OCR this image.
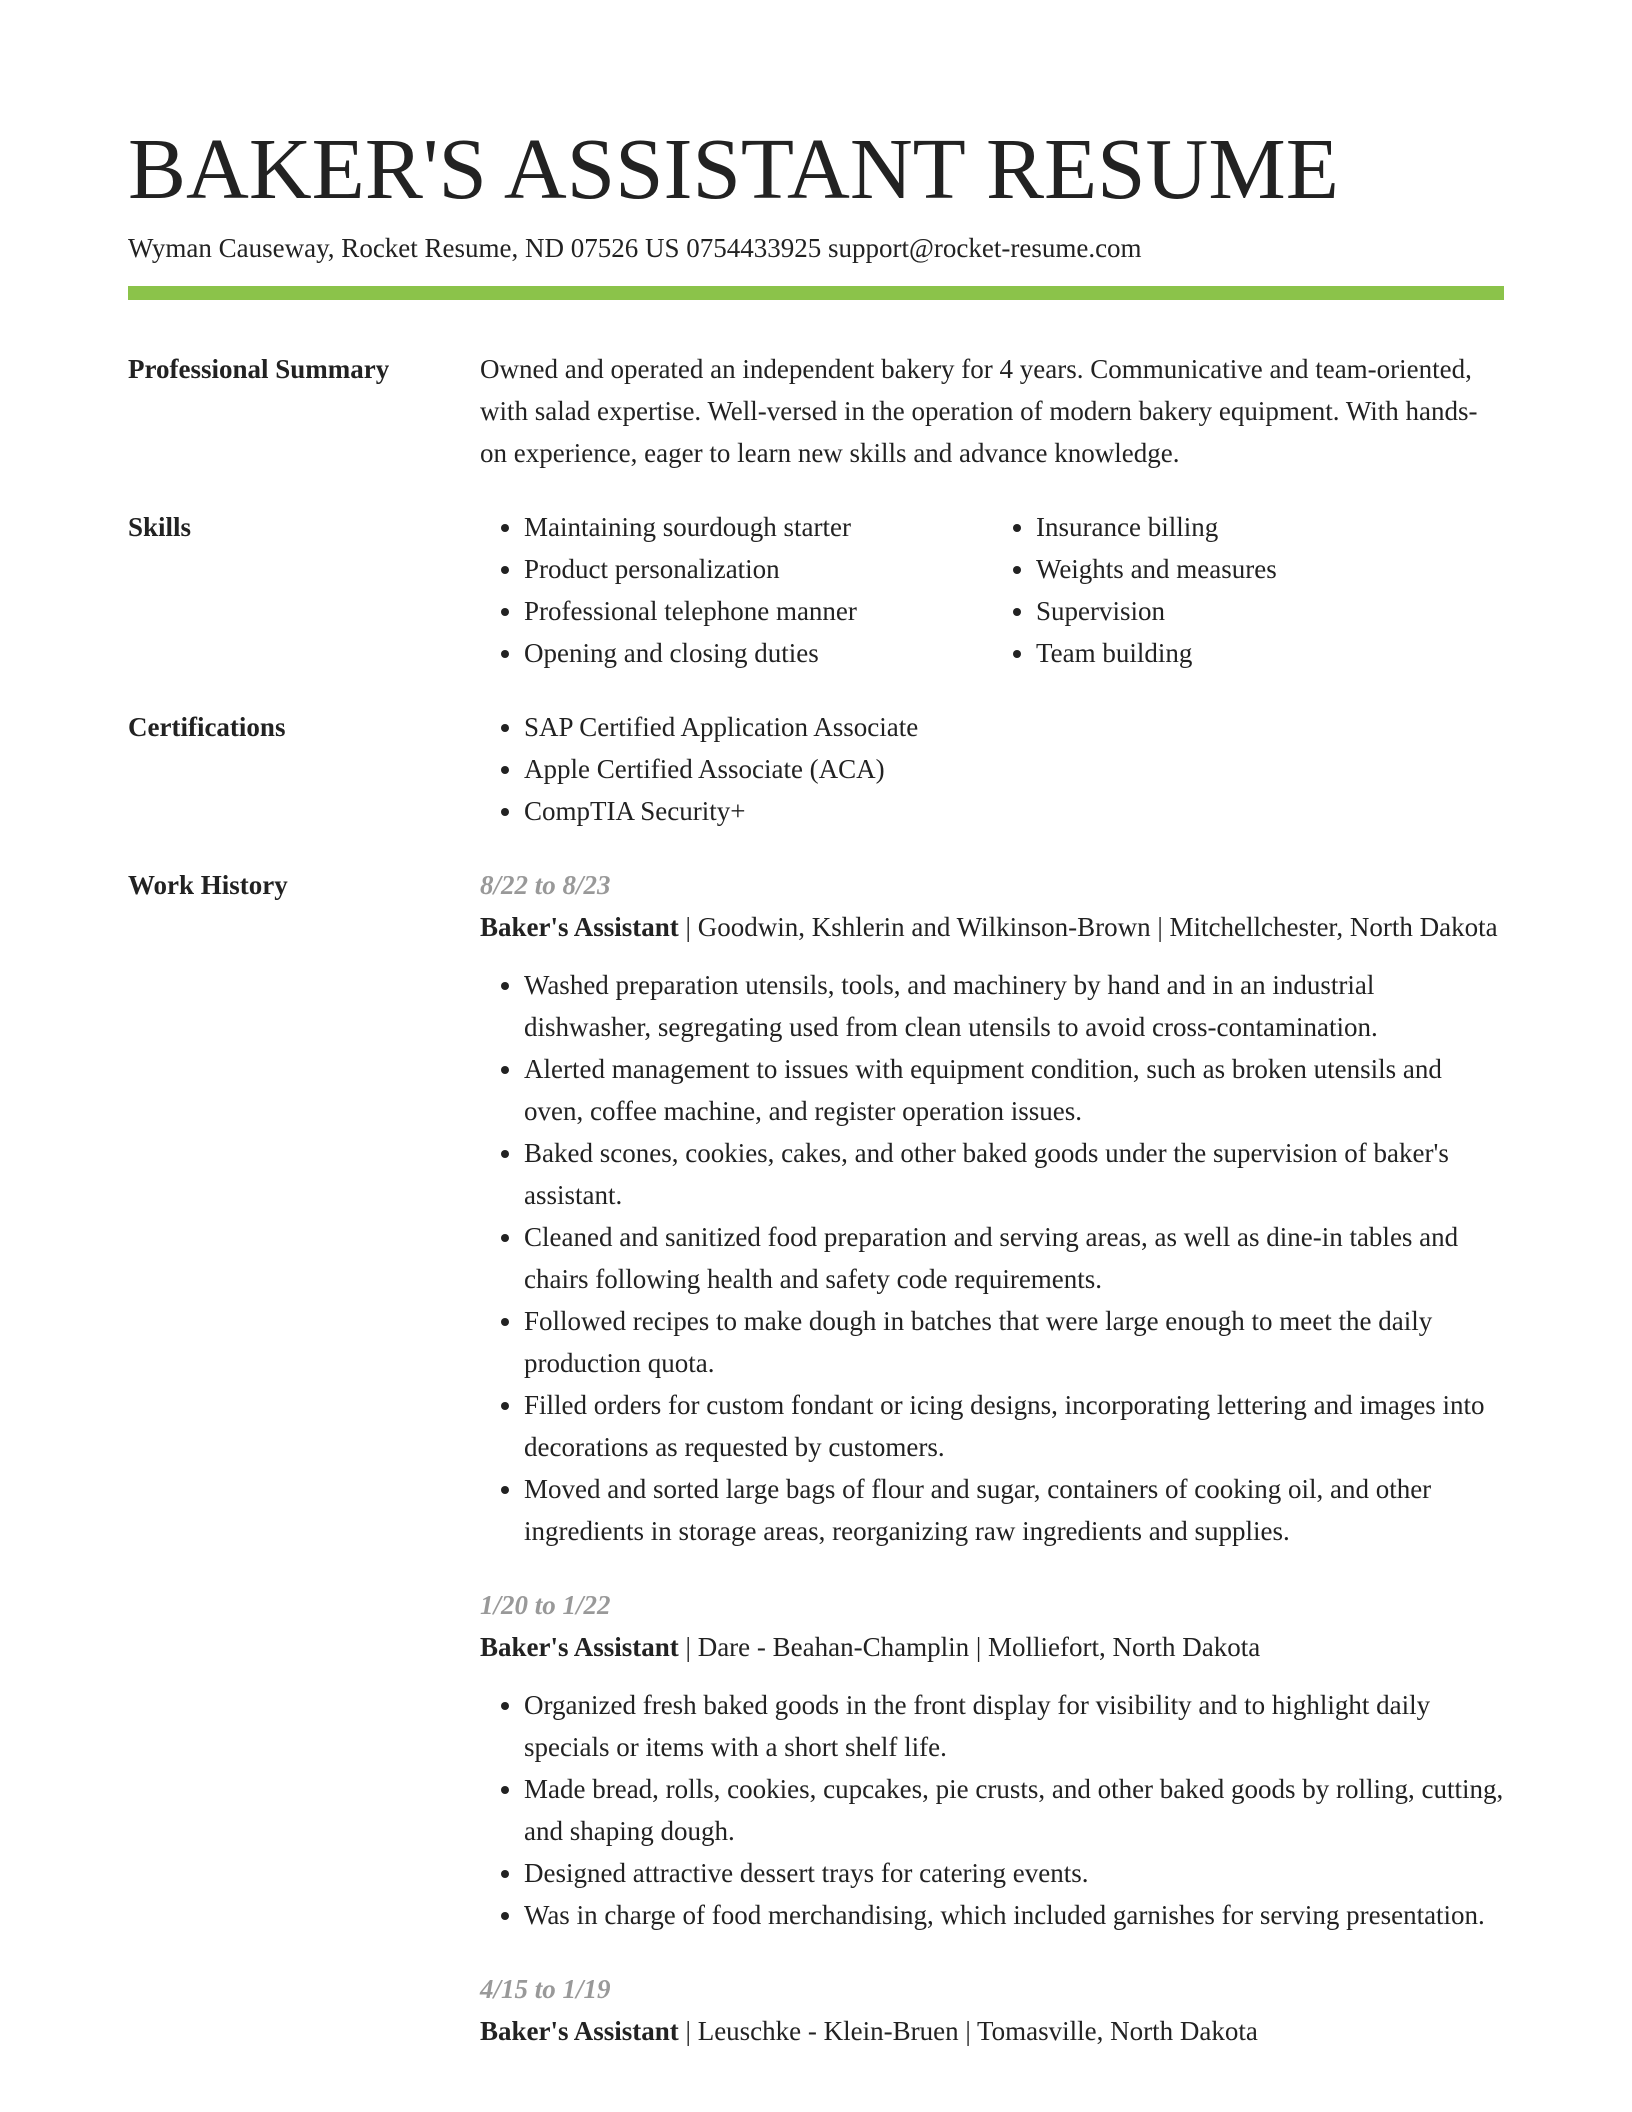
BAKER'S ASSISTANT RESUME
Wyman Causeway, Rocket Resume, ND 07526 US 0754433925 support@rocket-resume.com
Professional Summary	Owned and operated an independent bakery for 4 years. Communicative and team-oriented, with salad expertise. Well-versed in the operation of modern bakery equipment. With hands-on experience, eager to learn new skills and advance knowledge.

Skills	• Maintaining sourdough starter
• Product personalization
• Professional telephone manner
• Opening and closing duties
• Insurance billing
• Weights and measures
• Supervision
• Team building
Certifications	• SAP Certified Application Associate
• Apple Certified Associate (ACA)
• CompTIA Security+
Work History	8/22 to 8/23
Baker's Assistant | Goodwin, Kshlerin and Wilkinson-Brown | Mitchellchester, North Dakota
• Washed preparation utensils, tools, and machinery by hand and in an industrial dishwasher, segregating used from clean utensils to avoid cross-contamination.
• Alerted management to issues with equipment condition, such as broken utensils and oven, coffee machine, and register operation issues.
• Baked scones, cookies, cakes, and other baked goods under the supervision of baker's assistant.
• Cleaned and sanitized food preparation and serving areas, as well as dine-in tables and chairs following health and safety code requirements.
• Followed recipes to make dough in batches that were large enough to meet the daily production quota.
• Filled orders for custom fondant or icing designs, incorporating lettering and images into decorations as requested by customers.
• Moved and sorted large bags of flour and sugar, containers of cooking oil, and other ingredients in storage areas, reorganizing raw ingredients and supplies.
1/20 to 1/22
Baker's Assistant | Dare - Beahan-Champlin | Molliefort, North Dakota
• Organized fresh baked goods in the front display for visibility and to highlight daily specials or items with a short shelf life.
• Made bread, rolls, cookies, cupcakes, pie crusts, and other baked goods by rolling, cutting, and shaping dough.
• Designed attractive dessert trays for catering events.
• Was in charge of food merchandising, which included garnishes for serving presentation.
4/15 to 1/19
Baker's Assistant | Leuschke - Klein-Bruen | Tomasville, North Dakota
